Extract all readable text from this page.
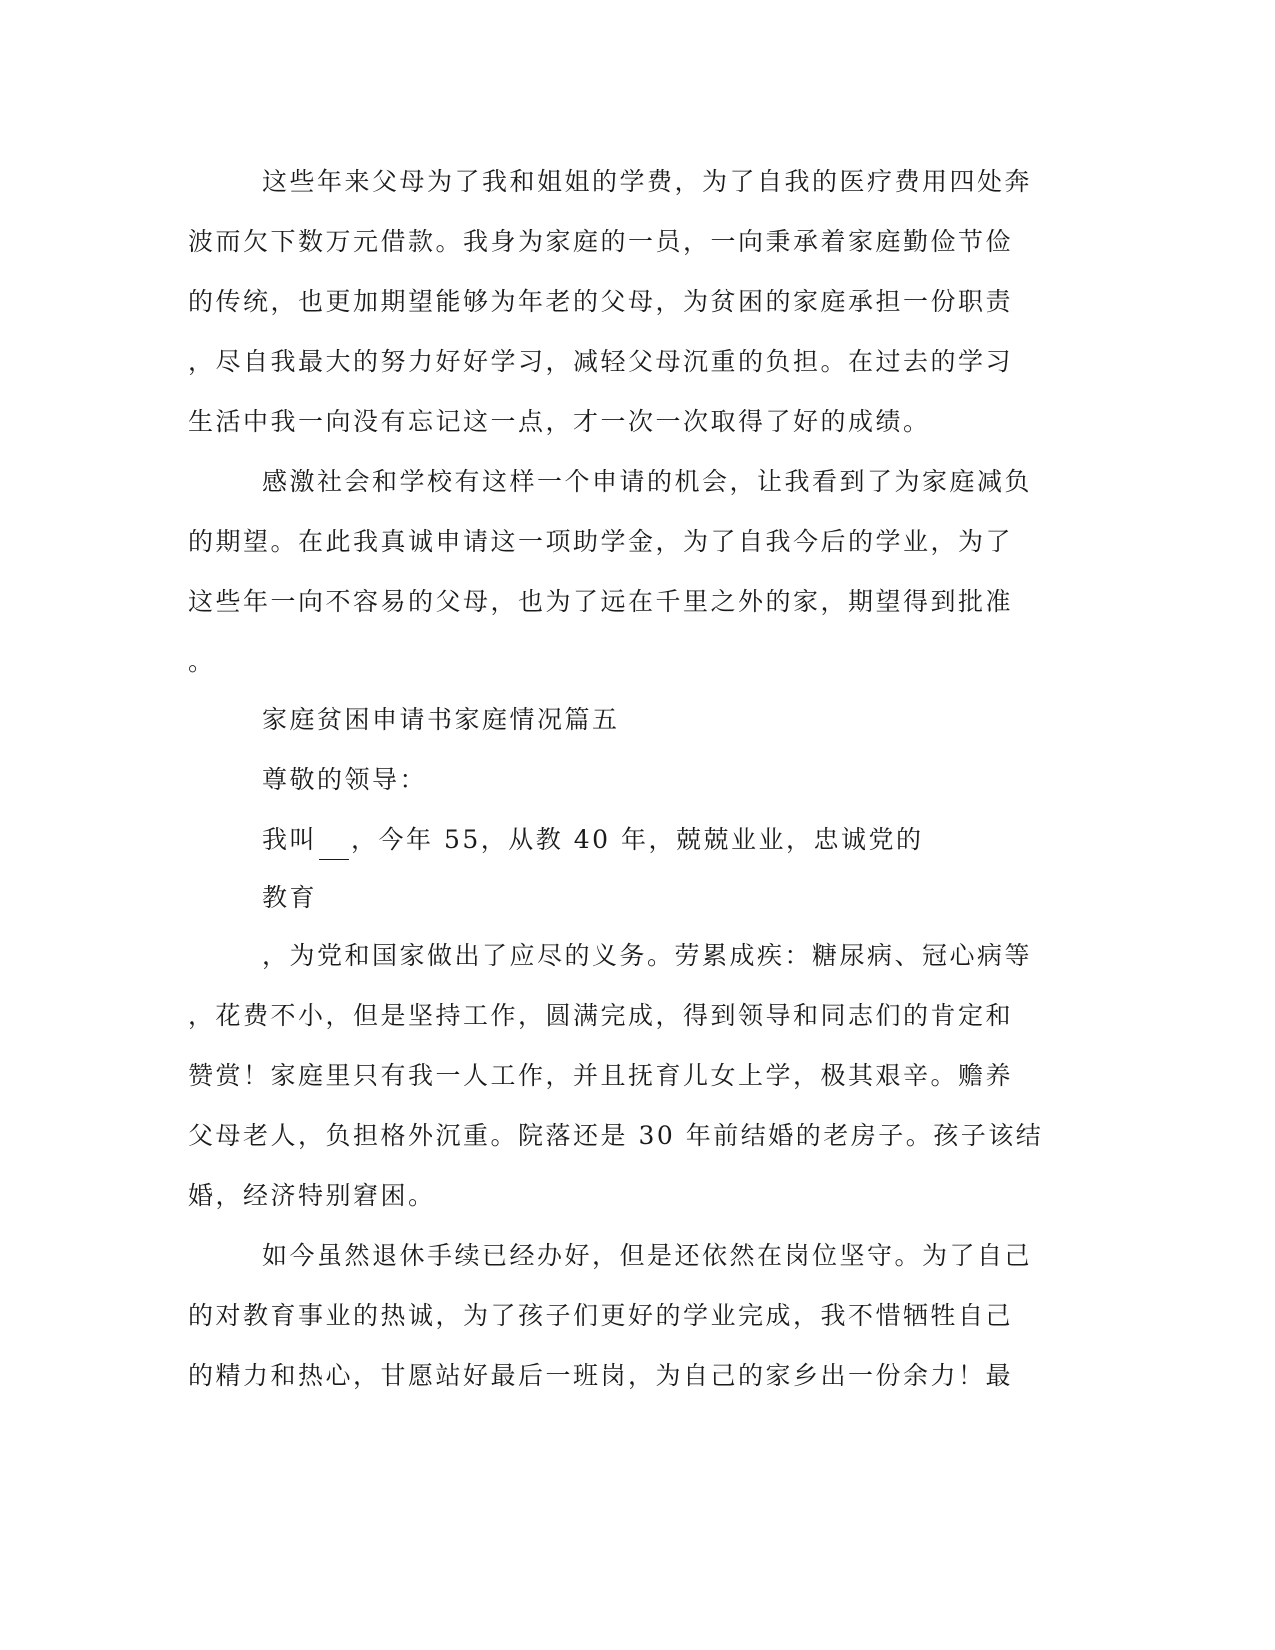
这些年来父母为了我和姐姐的学费，为了自我的医疗费用四处奔
波而欠下数万元借款。我身为家庭的一员，一向秉承着家庭勤俭节俭
的传统，也更加期望能够为年老的父母，为贫困的家庭承担一份职责
，尽自我最大的努力好好学习，减轻父母沉重的负担。在过去的学习
生活中我一向没有忘记这一点，才一次一次取得了好的成绩。
感激社会和学校有这样一个申请的机会，让我看到了为家庭减负
的期望。在此我真诚申请这一项助学金，为了自我今后的学业，为了
这些年一向不容易的父母，也为了远在千里之外的家，期望得到批准
。
家庭贫困申请书家庭情况篇五
尊敬的领导：
我叫 ，今年 55，从教 40 年，兢兢业业，忠诚党的
教育
，为党和国家做出了应尽的义务。劳累成疾：糖尿病、冠心病等
，花费不小，但是坚持工作，圆满完成，得到领导和同志们的肯定和
赞赏！家庭里只有我一人工作，并且抚育儿女上学，极其艰辛。赡养
父母老人，负担格外沉重。院落还是 30 年前结婚的老房子。孩子该结
婚，经济特别窘困。
如今虽然退休手续已经办好，但是还依然在岗位坚守。为了自己
的对教育事业的热诚，为了孩子们更好的学业完成，我不惜牺牲自己
的精力和热心，甘愿站好最后一班岗，为自己的家乡出一份余力！最
